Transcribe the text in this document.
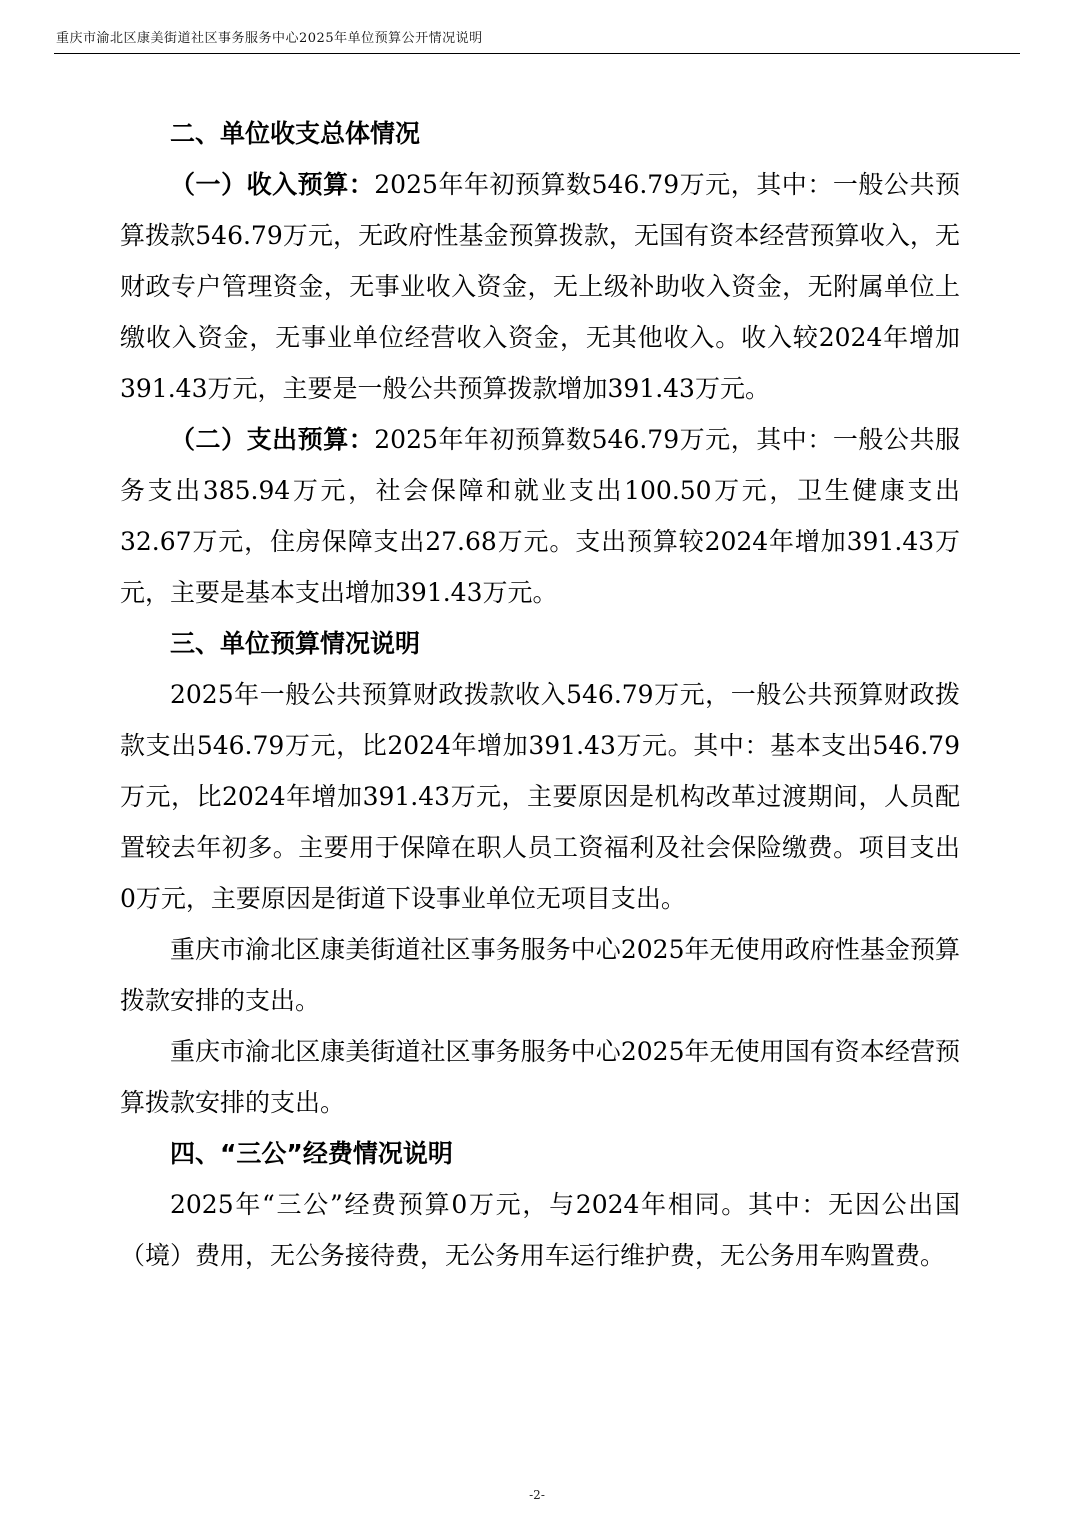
重庆市渝北区康美街道社区事务服务中心2025年单位预算公开情况说明

二、单位收支总体情况

（一）收入预算：2025年年初预算数546.79万元，其中：一般公共预算拨款546.79万元，无政府性基金预算拨款，无国有资本经营预算收入，无财政专户管理资金，无事业收入资金，无上级补助收入资金，无附属单位上缴收入资金，无事业单位经营收入资金，无其他收入。收入较2024年增加391.43万元，主要是一般公共预算拨款增加391.43万元。

（二）支出预算：2025年年初预算数546.79万元，其中：一般公共服务支出385.94万元，社会保障和就业支出100.50万元，卫生健康支出32.67万元，住房保障支出27.68万元。支出预算较2024年增加391.43万元，主要是基本支出增加391.43万元。

三、单位预算情况说明

2025年一般公共预算财政拨款收入546.79万元，一般公共预算财政拨款支出546.79万元，比2024年增加391.43万元。其中：基本支出546.79万元，比2024年增加391.43万元，主要原因是机构改革过渡期间，人员配置较去年初多。主要用于保障在职人员工资福利及社会保险缴费。项目支出0万元，主要原因是街道下设事业单位无项目支出。

重庆市渝北区康美街道社区事务服务中心2025年无使用政府性基金预算拨款安排的支出。

重庆市渝北区康美街道社区事务服务中心2025年无使用国有资本经营预算拨款安排的支出。

四、“三公”经费情况说明

2025年“三公”经费预算0万元，与2024年相同。其中：无因公出国（境）费用，无公务接待费，无公务用车运行维护费，无公务用车购置费。

-2-
